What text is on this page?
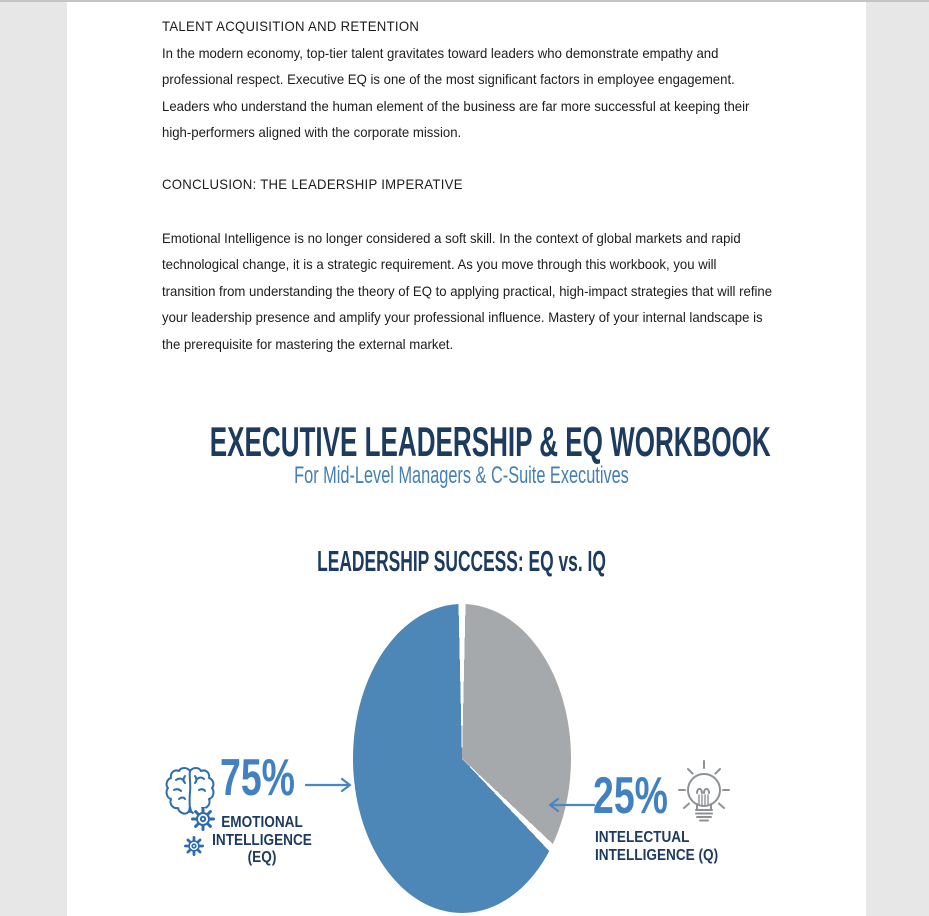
TALENT ACQUISITION AND RETENTION
In the modern economy, top-tier talent gravitates toward leaders who demonstrate empathy and professional respect. Executive EQ is one of the most significant factors in employee engagement. Leaders who understand the human element of the business are far more successful at keeping their high-performers aligned with the corporate mission.
CONCLUSION: THE LEADERSHIP IMPERATIVE
Emotional Intelligence is no longer considered a soft skill. In the context of global markets and rapid technological change, it is a strategic requirement. As you move through this workbook, you will transition from understanding the theory of EQ to applying practical, high-impact strategies that will refine your leadership presence and amplify your professional influence. Mastery of your internal landscape is the prerequisite for mastering the external market.
EXECUTIVE LEADERSHIP & EQ WORKBOOK
For Mid-Level Managers & C-Suite Executives
LEADERSHIP SUCCESS: EQ vs. IQ
75%
EMOTIONAL
INTELLIGENCE
(EQ)
25%
INTELECTUAL
INTELLIGENCE (Q)
